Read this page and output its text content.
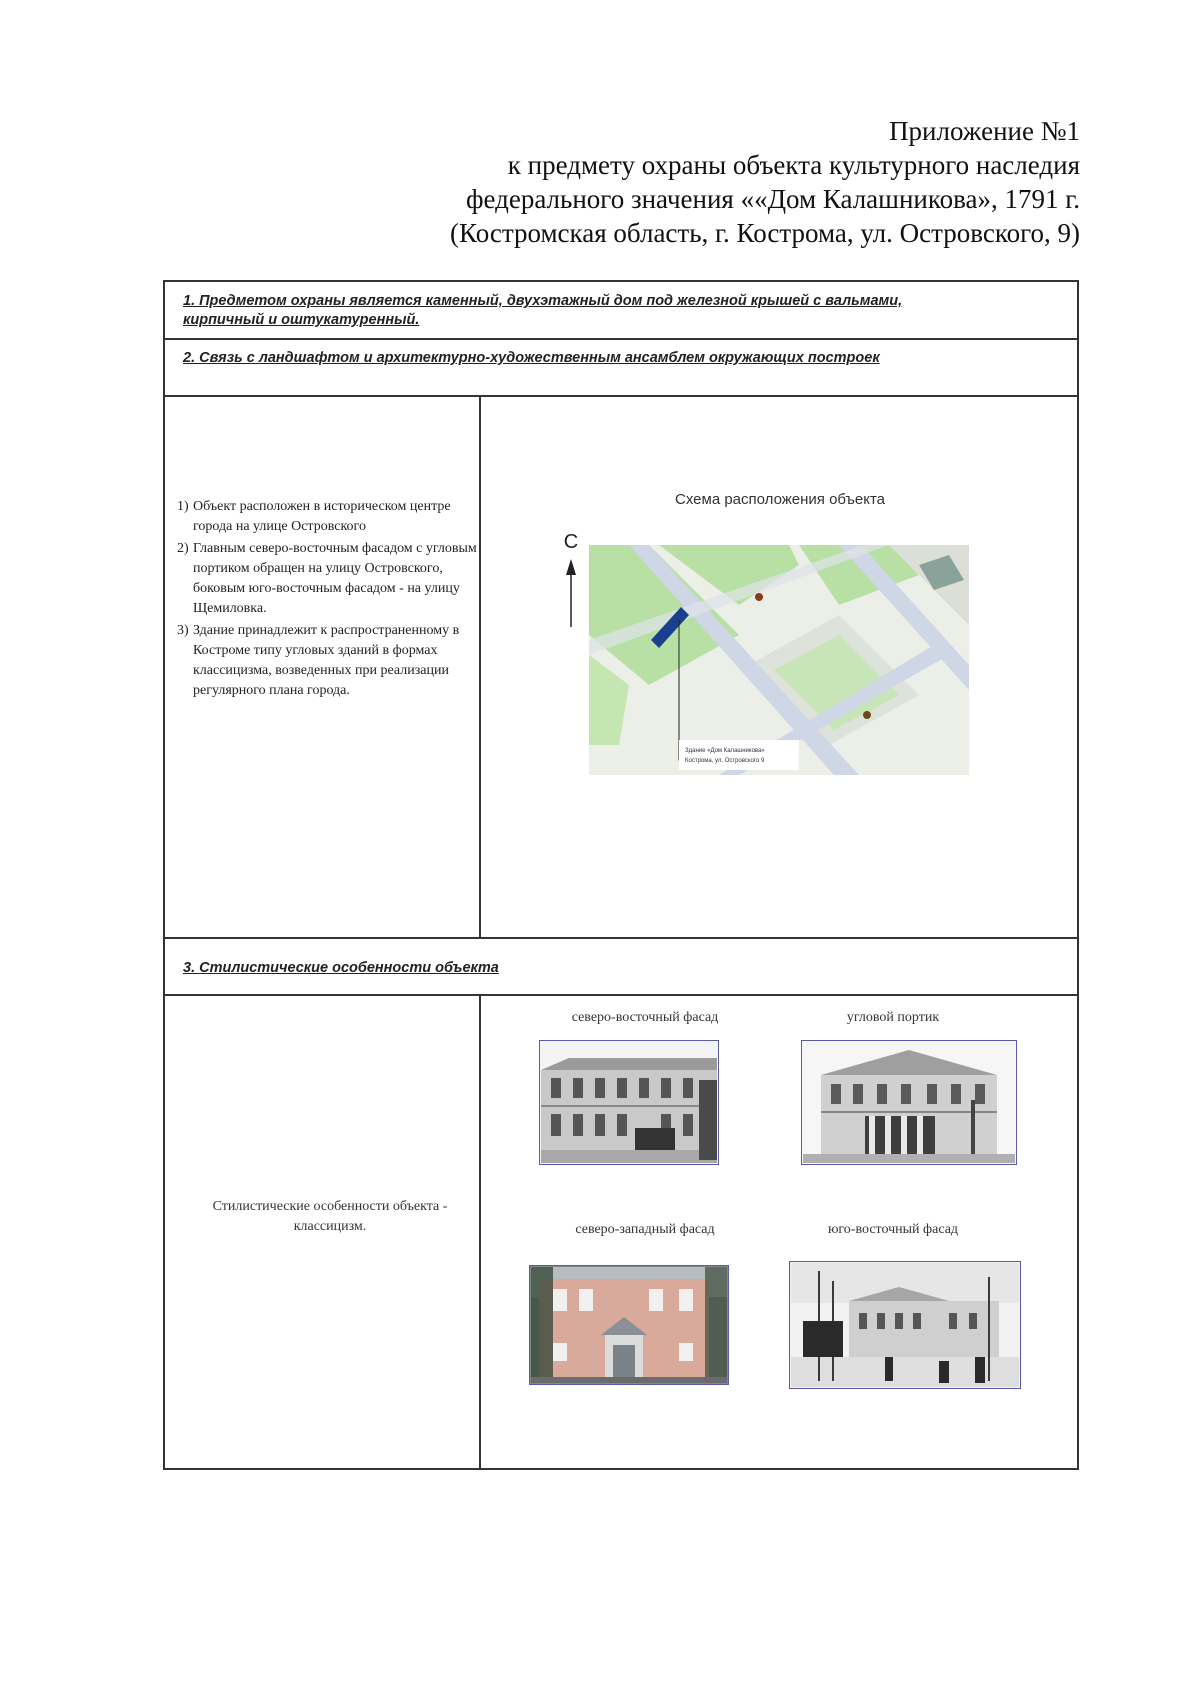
Приложение №1
к предмету охраны объекта культурного наследия
федерального значения ««Дом Калашникова», 1791 г.
(Костромская область, г. Кострома, ул. Островского, 9)
1. Предметом охраны является каменный, двухэтажный дом под железной крышей с вальмами,
кирпичный и оштукатуренный.
2. Связь с ландшафтом и архитектурно-художественным ансамблем окружающих построек
1) Объект расположен в историческом центре города на улице Островского
2) Главным северо-восточным фасадом с угловым портиком обращен на улицу Островского, боковым юго-восточным фасадом - на улицу Щемиловка.
3) Здание принадлежит к распространенному в Костроме типу угловых зданий в формах классицизма, возведенных при реализации регулярного плана города.
Схема расположения объекта
С
Здание «Дом Калашникова»
Кострома, ул. Островского 9
3. Стилистические особенности объекта
Стилистические особенности объекта - классицизм.
северо-восточный фасад	угловой портик
северо-западный фасад	юго-восточный фасад
